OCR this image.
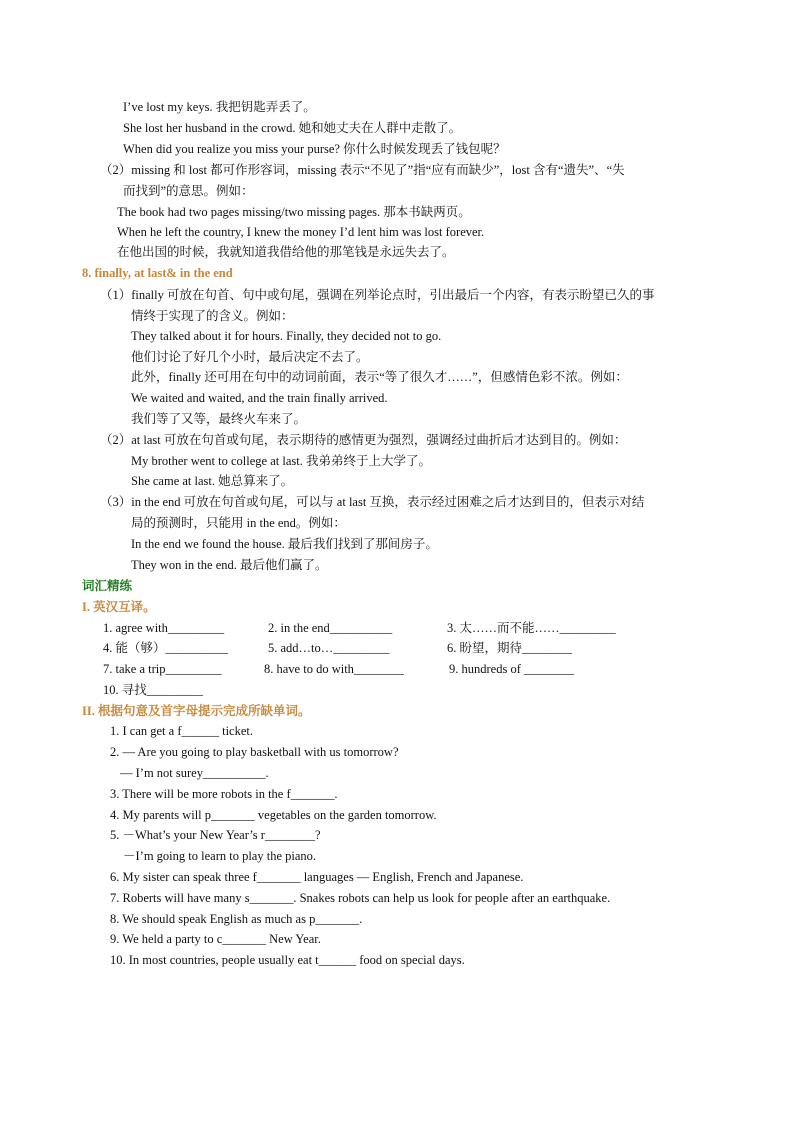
I’ve lost my keys. 我把钥匙弄丢了。
She lost her husband in the crowd. 她和她丈夫在人群中走散了。
When did you realize you miss your purse? 你什么时候发现丢了钱包呢？
（2）missing 和 lost 都可作形容词，missing 表示“不见了”指“应有而缺少”，lost 含有“遗失”、“失
而找到”的意思。例如：
The book had two pages missing/two missing pages. 那本书缺两页。
When he left the country, I knew the money I’d lent him was lost forever.
在他出国的时候，我就知道我借给他的那笔钱是永远失去了。
8. finally, at last& in the end
（1）finally 可放在句首、句中或句尾，强调在列举论点时，引出最后一个内容，有表示盼望已久的事
情终于实现了的含义。例如：
They talked about it for hours. Finally, they decided not to go.
他们讨论了好几个小时，最后决定不去了。
此外，finally 还可用在句中的动词前面，表示“等了很久才……”，但感情色彩不浓。例如：
We waited and waited, and the train finally arrived.
我们等了又等，最终火车来了。
（2）at last 可放在句首或句尾，表示期待的感情更为强烈，强调经过曲折后才达到目的。例如：
My brother went to college at last. 我弟弟终于上大学了。
She came at last. 她总算来了。
（3）in the end 可放在句首或句尾，可以与 at last 互换，表示经过困难之后才达到目的，但表示对结
局的预测时，只能用 in the end。例如：
In the end we found the house. 最后我们找到了那间房子。
They won in the end. 最后他们赢了。
词汇精练
I. 英汉互译。
1. agree with_________	2. in the end__________	3. 太……而不能……_________
4. 能（够）__________	5. add…to…_________	6. 盼望，期待________
7. take a trip_________	8. have to do with________	9. hundreds of ________
10. 寻找_________
II. 根据句意及首字母提示完成所缺单词。
1. I can get a f______ ticket.
2. — Are you going to play basketball with us tomorrow?
— I’m not surey__________.
3. There will be more robots in the f_______.
4. My parents will p_______ vegetables on the garden tomorrow.
5. －What’s your New Year’s r________?
－I’m going to learn to play the piano.
6. My sister can speak three f_______ languages — English, French and Japanese.
7. Roberts will have many s_______. Snakes robots can help us look for people after an earthquake.
8. We should speak English as much as p_______.
9. We held a party to c_______ New Year.
10. In most countries, people usually eat t______ food on special days.
